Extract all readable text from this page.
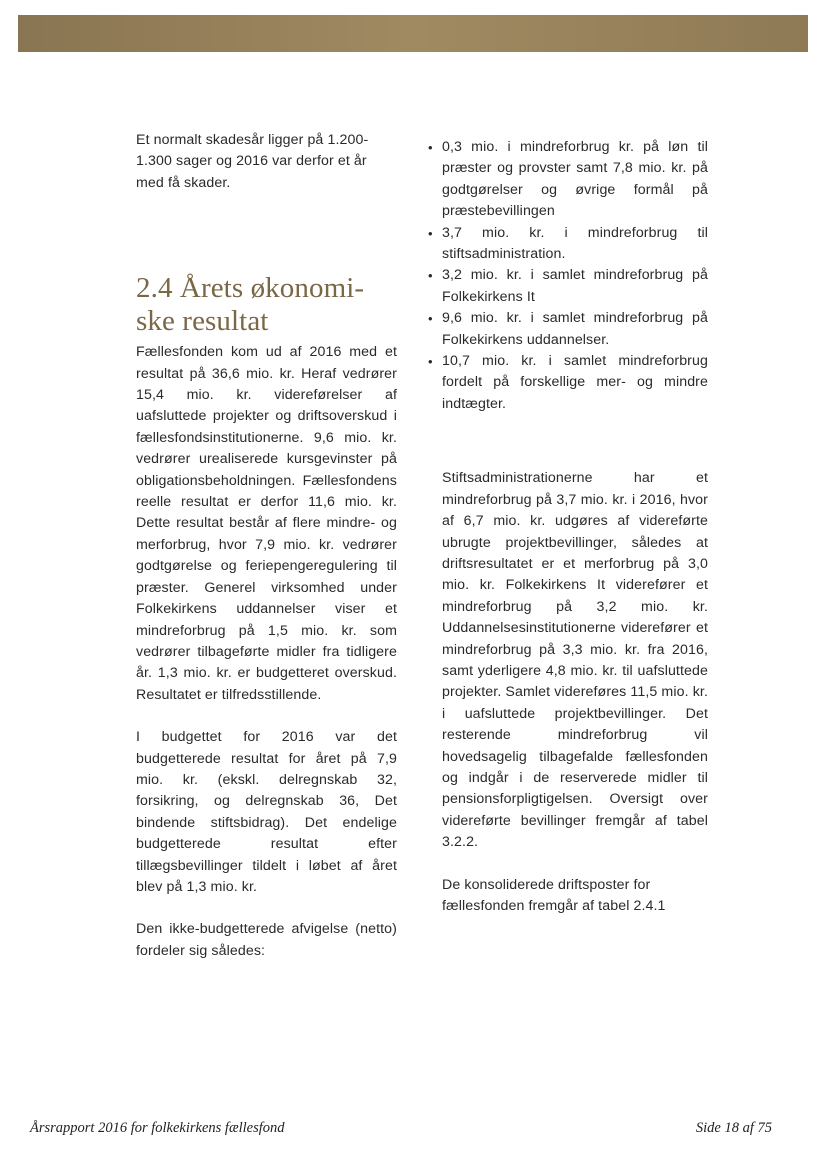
Et normalt skadesår ligger på 1.200-1.300 sager og 2016 var derfor et år med få skader.

2.4 Årets økonomi-ske resultat

Fællesfonden kom ud af 2016 med et resultat på 36,6 mio. kr. Heraf vedrører 15,4 mio. kr. videreførelser af uafsluttede projekter og driftsoverskud i fællesfondsinstitutionerne. 9,6 mio. kr. vedrører urealiserede kursgevinster på obligationsbeholdningen. Fællesfondens reelle resultat er derfor 11,6 mio. kr. Dette resultat består af flere mindre- og merforbrug, hvor 7,9 mio. kr. vedrører godtgørelse og feriepengeregulering til præster. Generel virksomhed under Folkekirkens uddannelser viser et mindreforbrug på 1,5 mio. kr. som vedrører tilbageførte midler fra tidligere år. 1,3 mio. kr. er budgetteret overskud. Resultatet er tilfredsstillende.

I budgettet for 2016 var det budgetterede resultat for året på 7,9 mio. kr. (ekskl. delregnskab 32, forsikring, og delregnskab 36, Det bindende stiftsbidrag). Det endelige budgetterede resultat efter tillægsbevillinger tildelt i løbet af året blev på 1,3 mio. kr.

Den ikke-budgetterede afvigelse (netto) fordeler sig således:

• 0,3 mio. i mindreforbrug kr. på løn til præster og provster samt 7,8 mio. kr. på godtgørelser og øvrige formål på præstebevillingen
• 3,7 mio. kr. i mindreforbrug til stiftsadministration.
• 3,2 mio. kr. i samlet mindreforbrug på Folkekirkens It
• 9,6 mio. kr. i samlet mindreforbrug på Folkekirkens uddannelser.
• 10,7 mio. kr. i samlet mindreforbrug fordelt på forskellige mer- og mindre indtægter.

Stiftsadministrationerne har et mindreforbrug på 3,7 mio. kr. i 2016, hvor af 6,7 mio. kr. udgøres af videreførte ubrugte projektbevillinger, således at driftsresultatet er et merforbrug på 3,0 mio. kr. Folkekirkens It viderefører et mindreforbrug på 3,2 mio. kr. Uddannelsesinstitutionerne viderefører et mindreforbrug på 3,3 mio. kr. fra 2016, samt yderligere 4,8 mio. kr. til uafsluttede projekter. Samlet videreføres 11,5 mio. kr. i uafsluttede projektbevillinger. Det resterende mindreforbrug vil hovedsagelig tilbagefalde fællesfonden og indgår i de reserverede midler til pensionsforpligtigelsen. Oversigt over videreførte bevillinger fremgår af tabel 3.2.2.

De konsoliderede driftsposter for fællesfonden fremgår af tabel 2.4.1

Årsrapport 2016 for folkekirkens fællesfond	Side 18 af 75
